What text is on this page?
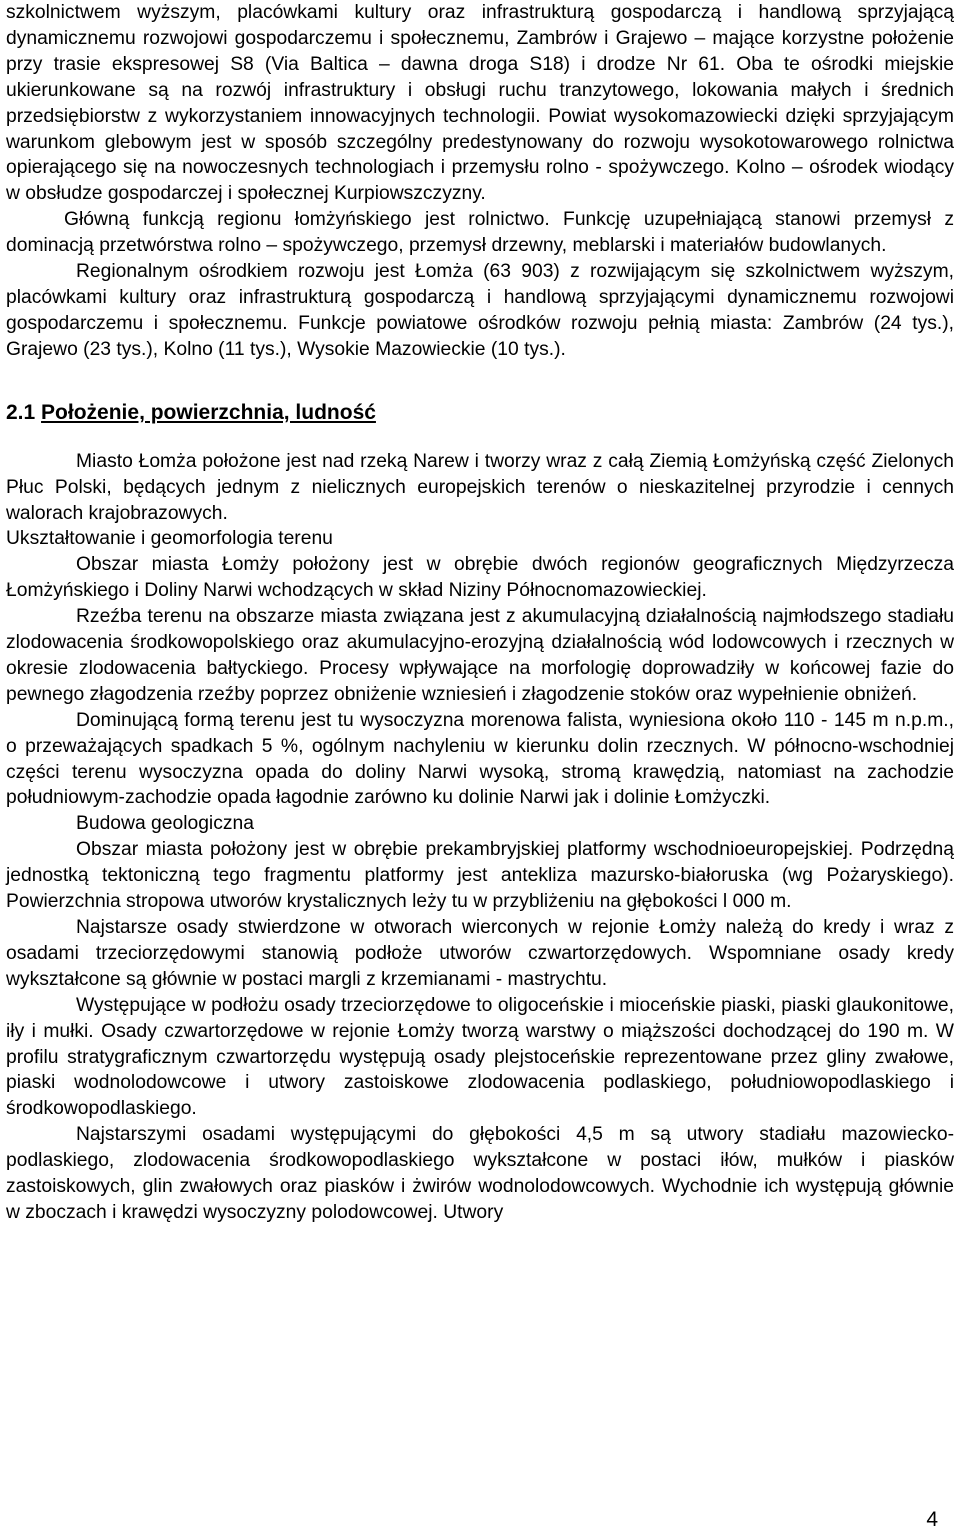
szkolnictwem wyższym, placówkami kultury oraz infrastrukturą gospodarczą i handlową sprzyjającą dynamicznemu rozwojowi gospodarczemu i społecznemu, Zambrów i Grajewo – mające korzystne położenie przy trasie ekspresowej S8 (Via Baltica – dawna droga S18) i drodze Nr 61. Oba te ośrodki miejskie ukierunkowane są na rozwój infrastruktury i obsługi ruchu tranzytowego, lokowania małych i średnich przedsiębiorstw z wykorzystaniem innowacyjnych technologii. Powiat wysokomazowiecki dzięki sprzyjającym warunkom glebowym jest w sposób szczególny predestynowany do rozwoju wysokotowarowego rolnictwa opierającego się na nowoczesnych technologiach i przemysłu rolno - spożywczego. Kolno – ośrodek wiodący w obsłudze gospodarczej i społecznej Kurpiowszczyzny.

Główną funkcją regionu łomżyńskiego jest rolnictwo. Funkcję uzupełniającą stanowi przemysł z dominacją przetwórstwa rolno – spożywczego, przemysł drzewny, meblarski i materiałów budowlanych.

Regionalnym ośrodkiem rozwoju jest Łomża (63 903) z rozwijającym się szkolnictwem wyższym, placówkami kultury oraz infrastrukturą gospodarczą i handlową sprzyjającymi dynamicznemu rozwojowi gospodarczemu i społecznemu. Funkcje powiatowe ośrodków rozwoju pełnią miasta: Zambrów (24 tys.), Grajewo (23 tys.), Kolno (11 tys.), Wysokie Mazowieckie (10 tys.).

2.1 Położenie, powierzchnia, ludność

Miasto Łomża położone jest nad rzeką Narew i tworzy wraz z całą Ziemią Łomżyńską część Zielonych Płuc Polski, będących jednym z nielicznych europejskich terenów o nieskazitelnej przyrodzie i cennych walorach krajobrazowych.

Ukształtowanie i geomorfologia terenu

Obszar miasta Łomży położony jest w obrębie dwóch regionów geograficznych Międzyrzecza Łomżyńskiego i Doliny Narwi wchodzących w skład Niziny Północnomazowieckiej.

Rzeźba terenu na obszarze miasta związana jest z akumulacyjną działalnością najmłodszego stadiału zlodowacenia środkowopolskiego oraz akumulacyjno-erozyjną działalnością wód lodowcowych i rzecznych w okresie zlodowacenia bałtyckiego. Procesy wpływające na morfologię doprowadziły w końcowej fazie do pewnego złagodzenia rzeźby poprzez obniżenie wzniesień i złagodzenie stoków oraz wypełnienie obniżeń.

Dominującą formą terenu jest tu wysoczyzna morenowa falista, wyniesiona około 110 - 145 m n.p.m., o przeważających spadkach 5 %, ogólnym nachyleniu w kierunku dolin rzecznych. W północno-wschodniej części terenu wysoczyzna opada do doliny Narwi wysoką, stromą krawędzią, natomiast na zachodzie południowym-zachodzie opada łagodnie zarówno ku dolinie Narwi jak i dolinie Łomżyczki.

Budowa geologiczna

Obszar miasta położony jest w obrębie prekambryjskiej platformy wschodnioeuropejskiej. Podrzędną jednostką tektoniczną tego fragmentu platformy jest anteklizа mazursko-białoruska (wg Pożaryskiego). Powierzchnia stropowa utworów krystalicznych leży tu w przybliżeniu na głębokości l 000 m.

Najstarsze osady stwierdzone w otworach wierconych w rejonie Łomży należą do kredy i wraz z osadami trzeciorzędowymi stanowią podłoże utworów czwartorzędowych. Wspomniane osady kredy wykształcone są głównie w postaci margli z krzemianami - mastrychtu.

Występujące w podłożu osady trzeciorzędowe to oligoceńskie i mioceńskie piaski, piaski glaukonitowe, iły i mułki. Osady czwartorzędowe w rejonie Łomży tworzą warstwy o miąższości dochodzącej do 190 m. W profilu stratygraficznym czwartorzędu występują osady plejstoceńskie reprezentowane przez gliny zwałowe, piaski wodnolodowcowe i utwory zastoiskowe zlodowacenia podlaskiego, południowopodlaskiego i środkowopodlaskiego.

Najstarszymi osadami występującymi do głębokości 4,5 m są utwory stadiału mazowiecko-podlaskiego, zlodowacenia środkowopodlaskiego wykształcone w postaci iłów, mułków i piasków zastoiskowych, glin zwałowych oraz piasków i żwirów wodnolodowcowych. Wychodnie ich występują głównie w zboczach i krawędzi wysoczyzny polodowcowej. Utwory

4
